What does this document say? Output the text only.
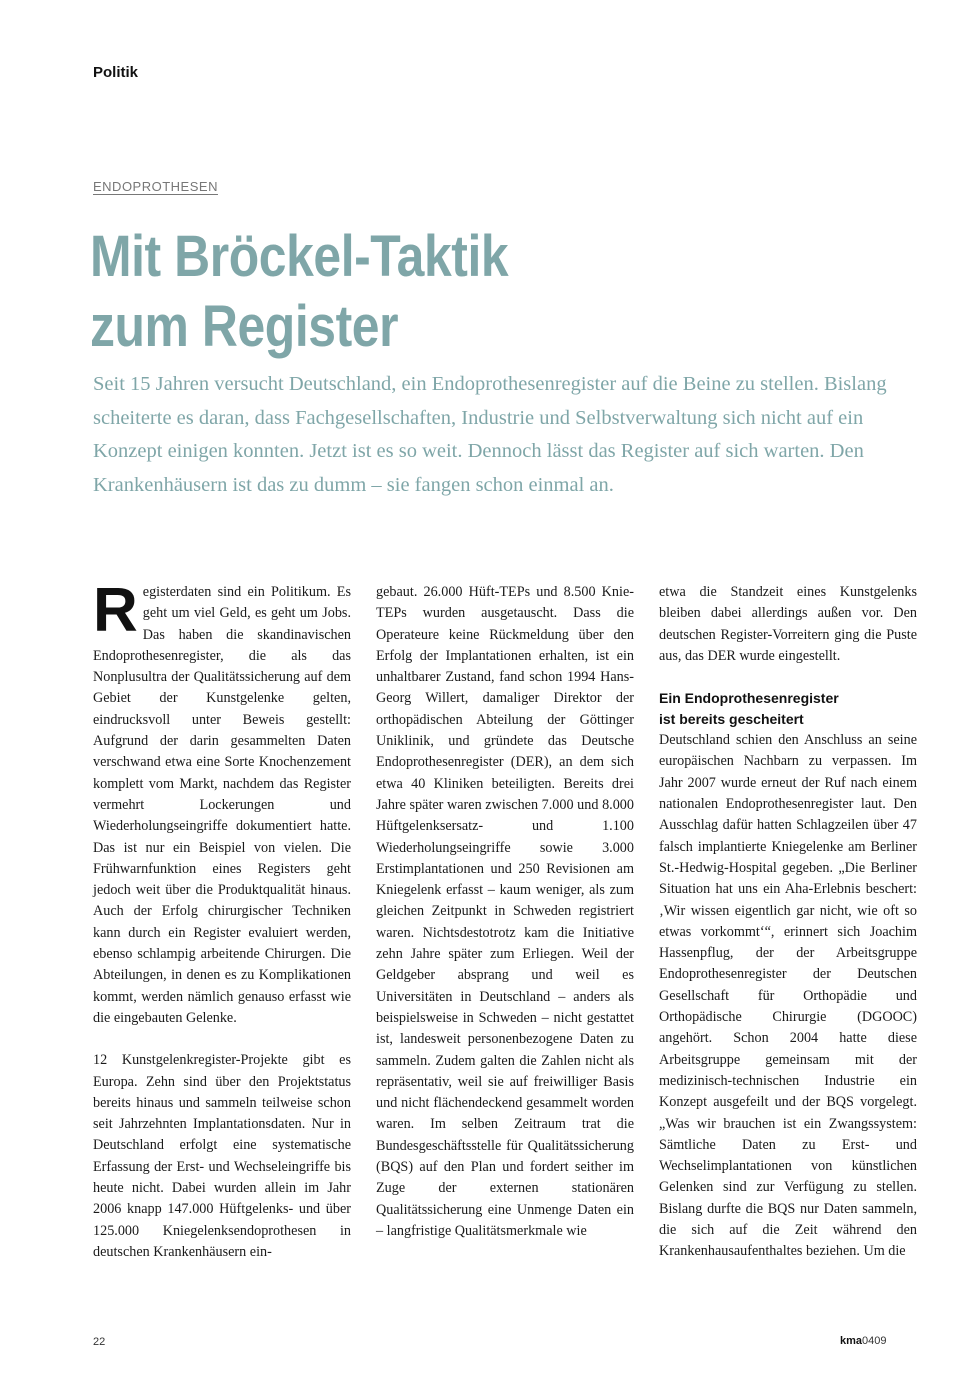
Politik
ENDOPROTHESEN
Mit Bröckel-Taktik
zum Register

Seit 15 Jahren versucht Deutschland, ein Endoprothesenregister auf die Beine zu stellen. Bislang scheiterte es daran, dass Fachgesellschaften, Industrie und Selbstverwaltung sich nicht auf ein Konzept einigen konnten. Jetzt ist es so weit. Dennoch lässt das Register auf sich warten. Den Krankenhäusern ist das zu dumm – sie fangen schon einmal an.

Registerdaten sind ein Politikum. Es geht um viel Geld, es geht um Jobs. Das haben die skandinavischen Endoprothesenregister, die als das Nonplusultra der Qualitätssicherung auf dem Gebiet der Kunstgelenke gelten, eindrucksvoll unter Beweis gestellt: Aufgrund der darin gesammelten Daten verschwand etwa eine Sorte Knochenzement komplett vom Markt, nachdem das Register vermehrt Lockerungen und Wiederholungseingriffe dokumentiert hatte. Das ist nur ein Beispiel von vielen. Die Frühwarnfunktion eines Registers geht jedoch weit über die Produktqualität hinaus. Auch der Erfolg chirurgischer Techniken kann durch ein Register evaluiert werden, ebenso schlampig arbeitende Chirurgen. Die Abteilungen, in denen es zu Komplikationen kommt, werden nämlich genauso erfasst wie die eingebauten Gelenke.

12 Kunstgelenkregister-Projekte gibt es Europa. Zehn sind über den Projektstatus bereits hinaus und sammeln teilweise schon seit Jahrzehnten Implantationsdaten. Nur in Deutschland erfolgt eine systematische Erfassung der Erst- und Wechseleingriffe bis heute nicht. Dabei wurden allein im Jahr 2006 knapp 147.000 Hüftgelenks- und über 125.000 Kniegelenksendoprothesen in deutschen Krankenhäusern ein-

gebaut. 26.000 Hüft-TEPs und 8.500 Knie-TEPs wurden ausgetauscht. Dass die Operateure keine Rückmeldung über den Erfolg der Implantationen erhalten, ist ein unhaltbarer Zustand, fand schon 1994 Hans-Georg Willert, damaliger Direktor der orthopädischen Abteilung der Göttinger Uniklinik, und gründete das Deutsche Endoprothesenregister (DER), an dem sich etwa 40 Kliniken beteiligten. Bereits drei Jahre später waren zwischen 7.000 und 8.000 Hüftgelenksersatz- und 1.100 Wiederholungseingriffe sowie 3.000 Erstimplantationen und 250 Revisionen am Kniegelenk erfasst – kaum weniger, als zum gleichen Zeitpunkt in Schweden registriert waren. Nichtsdestotrotz kam die Initiative zehn Jahre später zum Erliegen. Weil der Geldgeber absprang und weil es Universitäten in Deutschland – anders als beispielsweise in Schweden – nicht gestattet ist, landesweit personenbezogene Daten zu sammeln. Zudem galten die Zahlen nicht als repräsentativ, weil sie auf freiwilliger Basis und nicht flächendeckend gesammelt worden waren. Im selben Zeitraum trat die Bundesgeschäftsstelle für Qualitätssicherung (BQS) auf den Plan und fordert seither im Zuge der externen stationären Qualitätssicherung eine Unmenge Daten ein – langfristige Qualitätsmerkmale wie

etwa die Standzeit eines Kunstgelenks bleiben dabei allerdings außen vor. Den deutschen Register-Vorreitern ging die Puste aus, das DER wurde eingestellt.

Ein Endoprothesenregister
ist bereits gescheitert

Deutschland schien den Anschluss an seine europäischen Nachbarn zu verpassen. Im Jahr 2007 wurde erneut der Ruf nach einem nationalen Endoprothesenregister laut. Den Ausschlag dafür hatten Schlagzeilen über 47 falsch implantierte Kniegelenke am Berliner St.-Hedwig-Hospital gegeben. „Die Berliner Situation hat uns ein Aha-Erlebnis beschert: ‚Wir wissen eigentlich gar nicht, wie oft so etwas vorkommt‘“, erinnert sich Joachim Hassenpflug, der der Arbeitsgruppe Endoprothesenregister der Deutschen Gesellschaft für Orthopädie und Orthopädische Chirurgie (DGOOC) angehört. Schon 2004 hatte diese Arbeitsgruppe gemeinsam mit der medizinisch-technischen Industrie ein Konzept ausgefeilt und der BQS vorgelegt. „Was wir brauchen ist ein Zwangssystem: Sämtliche Daten zu Erst- und Wechselimplantationen von künstlichen Gelenken sind zur Verfügung zu stellen. Bislang durfte die BQS nur Daten sammeln, die sich auf die Zeit während den Krankenhausaufenthaltes beziehen. Um die

22	kma0409
